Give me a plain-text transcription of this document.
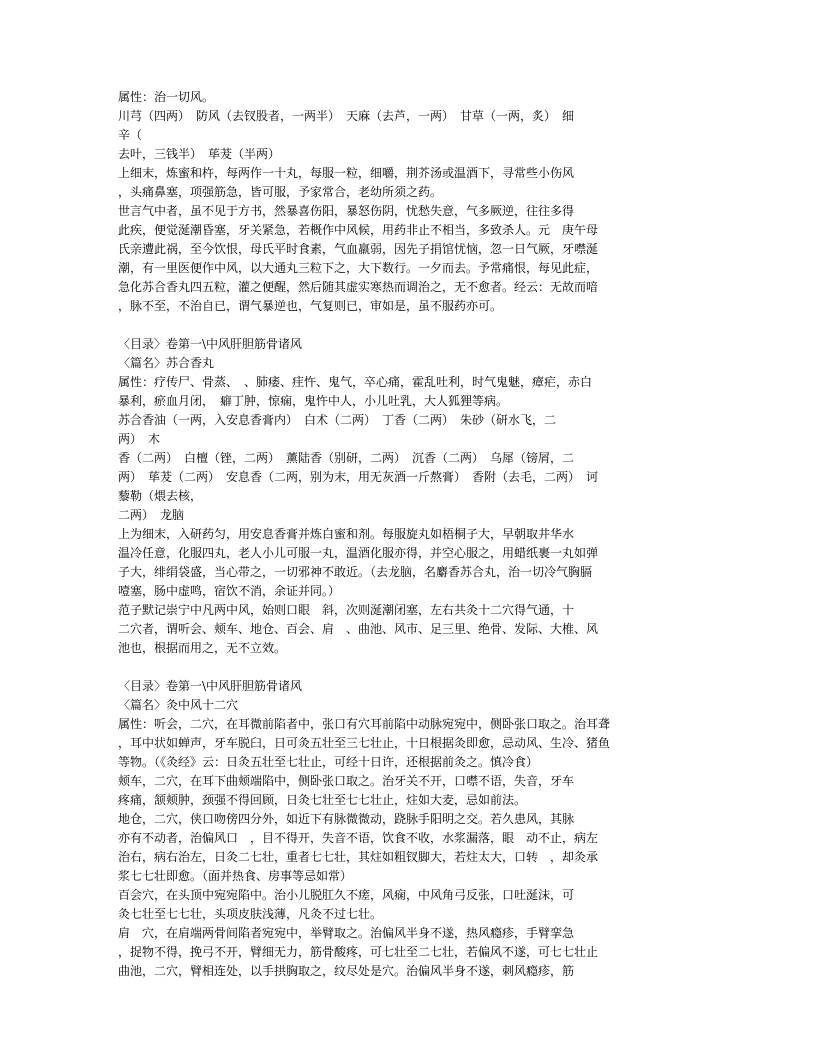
属性：治一切风。
川芎（四两）　防风（去钗股者，一两半）　天麻（去芦，一两）　甘草（一两，炙）　细
辛（
去叶，三钱半）　荜茇（半两）
上细末，炼蜜和杵，每两作一十丸，每服一粒，细嚼，荆芥汤或温酒下，寻常些小伤风
，头痛鼻塞，项强筋急，皆可服，予家常合，老幼所须之药。
世言气中者，虽不见于方书，然暴喜伤阳，暴怒伤阴，忧愁失意，气多厥逆，往往多得
此疾，便觉涎潮昏塞，牙关紧急，若概作中风候，用药非止不相当，多致杀人。元　庚午母
氏亲遭此祸，至今饮恨，母氏平时食素，气血羸弱，因先子捐馆忧恼，忽一日气厥，牙噤涎
潮，有一里医便作中风，以大通丸三粒下之，大下数行。一夕而去。予常痛恨，每见此症，
急化苏合香丸四五粒，灌之便醒，然后随其虚实寒热而调治之，无不愈者。经云：无故而喑
，脉不至，不治自已，谓气暴逆也，气复则已，审如是，虽不服药亦可。
〈目录〉卷第一\中风肝胆筋骨诸风
〈篇名〉苏合香丸
属性：疗传尸、骨蒸、　、肺痿、疰忤、鬼气，卒心痛，霍乱吐利，时气鬼魅，瘴疟，赤白
暴利，瘀血月闭，　癖丁肿，惊痫，鬼忤中人，小儿吐乳，大人狐狸等病。
苏合香油（一两，入安息香膏内）　白术（二两）　丁香（二两）　朱砂（研水飞，二
两）　木
香（二两）　白檀（锉，二两）　薰陆香（别研，二两）　沉香（二两）　乌犀（镑屑，二
两）　荜茇（二两）　安息香（二两，别为末，用无灰酒一斤熬膏）　香附（去毛，二两）　诃
藜勒（煨去核，
二两）　龙脑
上为细末，入研药匀，用安息香膏并炼白蜜和剂。每服旋丸如梧桐子大，早朝取井华水
温冷任意，化服四丸，老人小儿可服一丸，温酒化服亦得，并空心服之，用蜡纸裹一丸如弹
子大，绯绢袋盛，当心带之，一切邪神不敢近。（去龙脑，名麝香苏合丸，治一切冷气胸膈
噎塞，肠中虚鸣，宿饮不消，余证并同。）
范子默记崇宁中凡两中风，始则口眼　斜，次则涎潮闭塞，左右共灸十二穴得气通，十
二穴者，谓听会、颊车、地仓、百会、肩　、曲池、风市、足三里、绝骨、发际、大椎、风
池也，根据而用之，无不立效。
〈目录〉卷第一\中风肝胆筋骨诸风
〈篇名〉灸中风十二穴
属性：听会，二穴，在耳微前陷者中，张口有穴耳前陷中动脉宛宛中，侧卧张口取之。治耳聋
，耳中状如蝉声，牙车脱臼，日可灸五壮至三七壮止，十日根据灸即愈，忌动风、生冷、猪鱼
等物。（《灸经》云：日灸五壮至七壮止，可经十日许，还根据前灸之。慎冷食）
颊车，二穴，在耳下曲颊端陷中，侧卧张口取之。治牙关不开，口噤不语，失音，牙车
疼痛，颔颊肿，颈强不得回顾，日灸七壮至七七壮止，炷如大麦，忌如前法。
地仓，二穴，侠口吻傍四分外，如近下有脉微微动，跷脉手阳明之交。若久患风，其脉
亦有不动者，治偏风口　，目不得开，失音不语，饮食不收，水浆漏落，眼　动不止，病左
治右，病右治左，日灸二七壮，重者七七壮，其炷如粗钗脚大，若炷太大，口转　，却灸承
浆七七壮即愈。（面并热食、房事等忌如常）
百会穴，在头顶中宛宛陷中。治小儿脱肛久不瘥，风痫，中风角弓反张，口吐涎沫，可
灸七壮至七七壮，头项皮肤浅薄，凡灸不过七壮。
肩　穴，在肩端两骨间陷者宛宛中，举臂取之。治偏风半身不遂，热风瘾疹，手臂挛急
，捉物不得，挽弓不开，臂细无力，筋骨酸疼，可七壮至二七壮，若偏风不遂，可七七壮止
曲池，二穴，臂相连处，以手拱胸取之，纹尽处是穴。治偏风半身不遂，刺风瘾疹，筋
